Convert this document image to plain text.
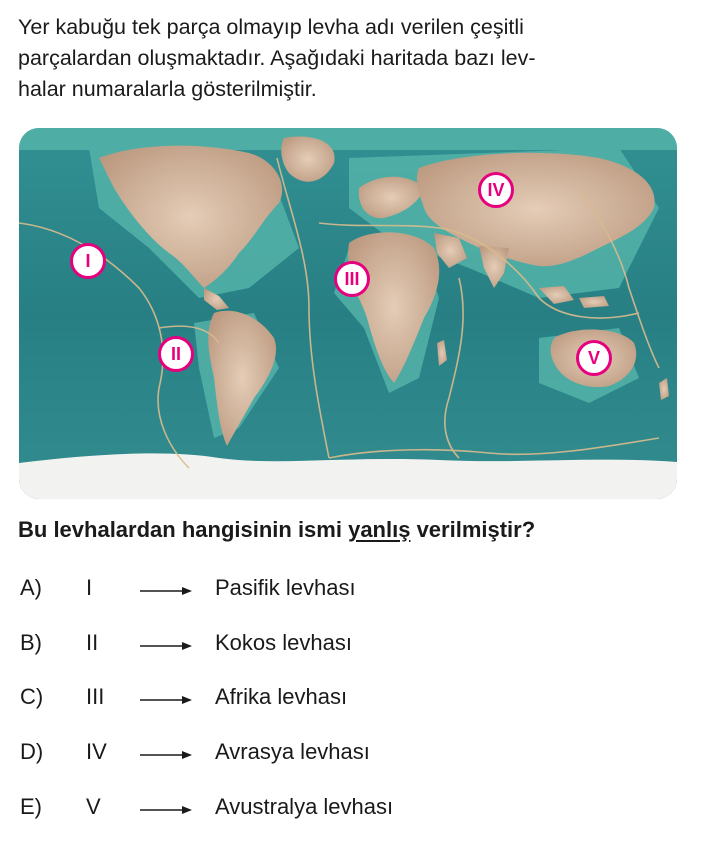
Yer kabuğu tek parça olmayıp levha adı verilen çeşitli
parçalardan oluşmaktadır. Aşağıdaki haritada bazı lev-
halar numaralarla gösterilmiştir.
I
II
III
IV
V
Bu levhalardan hangisinin ismi yanlış verilmiştir?
A) I	Pasifik levhası
B) II	Kokos levhası
C) III	Afrika levhası
D) IV	Avrasya levhası
E) V	Avustralya levhası
